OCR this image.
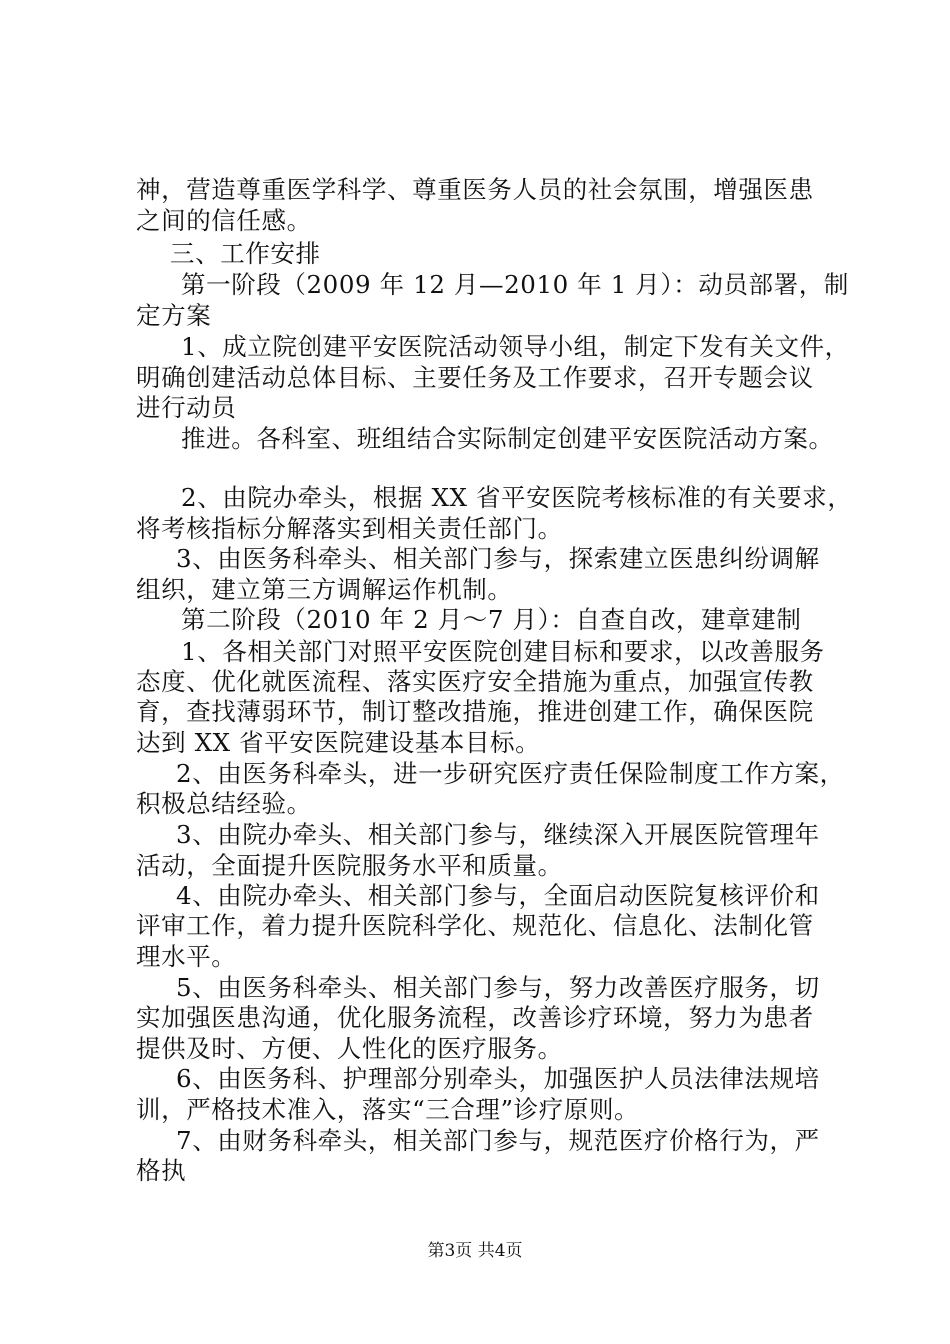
神，营造尊重医学科学、尊重医务人员的社会氛围，增强医患
之间的信任感。
三、工作安排
第一阶段（2009 年 12 月—2010 年 1 月）：动员部署，制
定方案
1、成立院创建平安医院活动领导小组，制定下发有关文件，
明确创建活动总体目标、主要任务及工作要求，召开专题会议
进行动员
推进。各科室、班组结合实际制定创建平安医院活动方案。
2、由院办牵头，根据 XX 省平安医院考核标准的有关要求，
将考核指标分解落实到相关责任部门。
3、由医务科牵头、相关部门参与，探索建立医患纠纷调解
组织，建立第三方调解运作机制。
第二阶段（2010 年 2 月～7 月）：自查自改，建章建制
1、各相关部门对照平安医院创建目标和要求，以改善服务
态度、优化就医流程、落实医疗安全措施为重点，加强宣传教
育，查找薄弱环节，制订整改措施，推进创建工作，确保医院
达到 XX 省平安医院建设基本目标。
2、由医务科牵头，进一步研究医疗责任保险制度工作方案，
积极总结经验。
3、由院办牵头、相关部门参与，继续深入开展医院管理年
活动，全面提升医院服务水平和质量。
4、由院办牵头、相关部门参与，全面启动医院复核评价和
评审工作，着力提升医院科学化、规范化、信息化、法制化管
理水平。
5、由医务科牵头、相关部门参与，努力改善医疗服务，切
实加强医患沟通，优化服务流程，改善诊疗环境，努力为患者
提供及时、方便、人性化的医疗服务。
6、由医务科、护理部分别牵头，加强医护人员法律法规培
训，严格技术准入，落实“三合理”诊疗原则。
7、由财务科牵头，相关部门参与，规范医疗价格行为，严
格执
第3页 共4页
